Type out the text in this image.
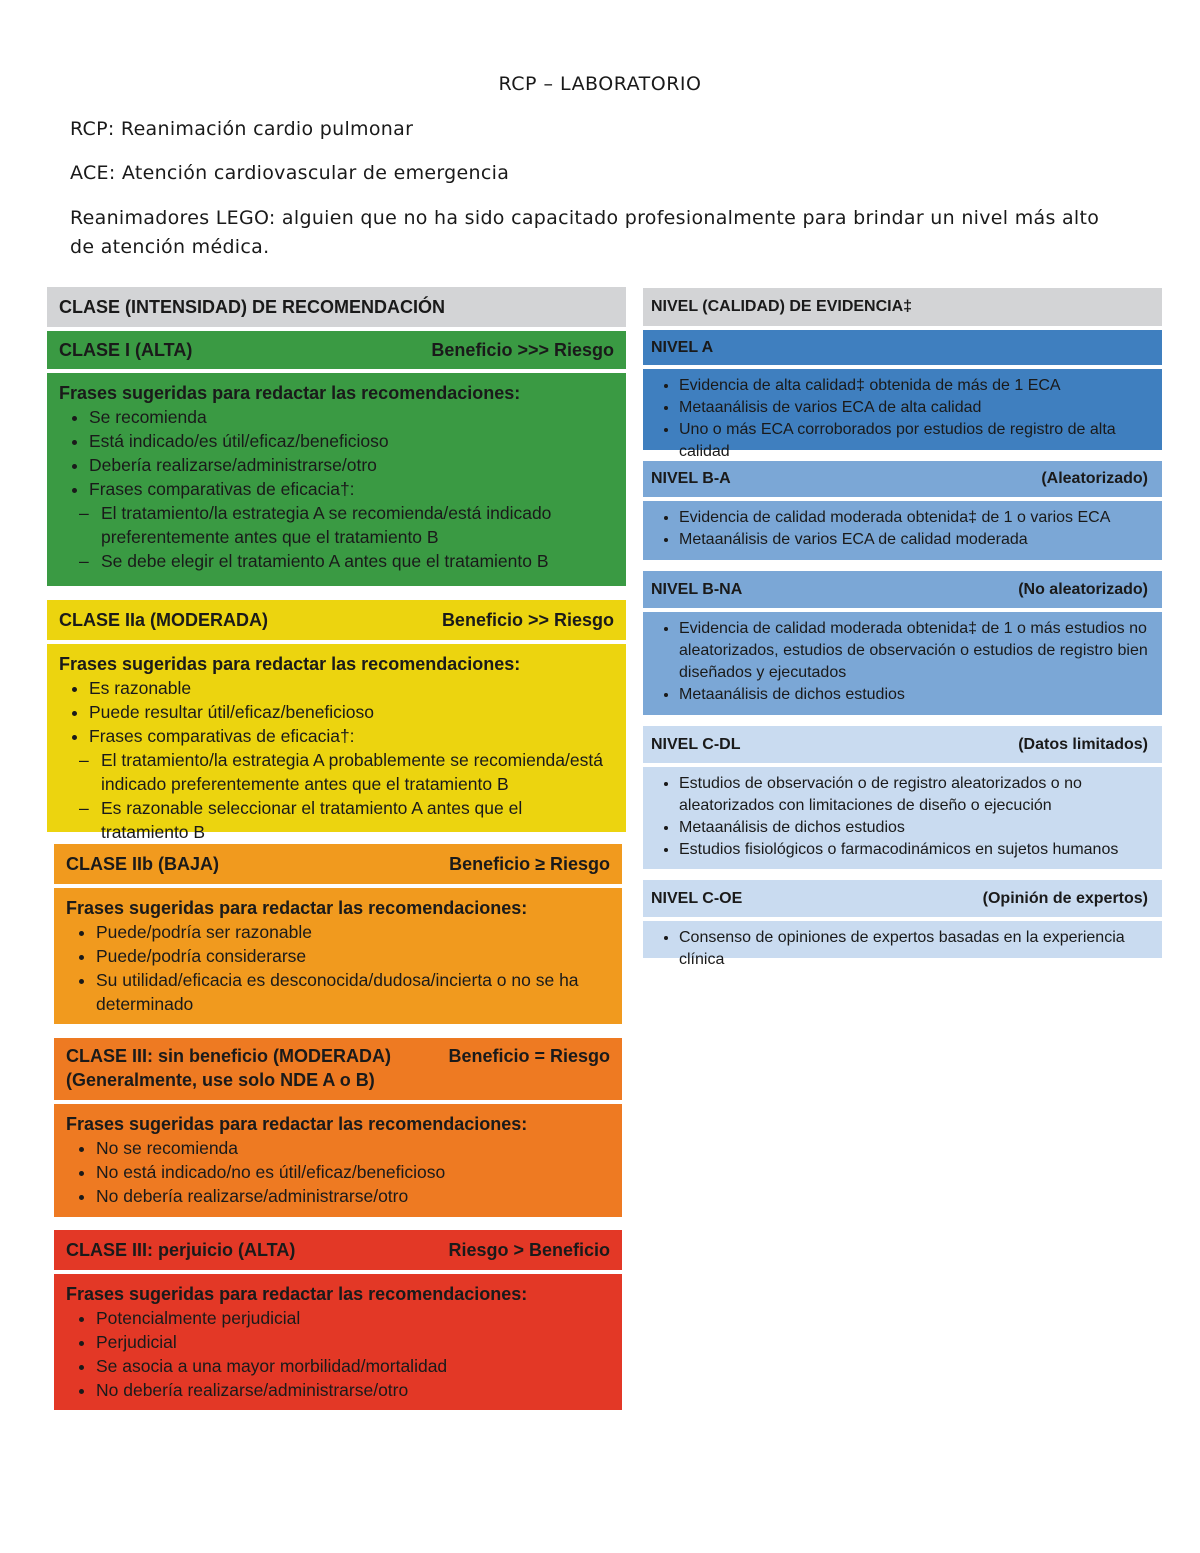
RCP – LABORATORIO
RCP: Reanimación cardio pulmonar
ACE: Atención cardiovascular de emergencia
Reanimadores LEGO: alguien que no ha sido capacitado profesionalmente para brindar un nivel más alto de atención médica.
CLASE (INTENSIDAD) DE RECOMENDACIÓN
CLASE I (ALTA)	Beneficio >>> Riesgo
Frases sugeridas para redactar las recomendaciones:
• Se recomienda
• Está indicado/es útil/eficaz/beneficioso
• Debería realizarse/administrarse/otro
• Frases comparativas de eficacia†:
– El tratamiento/la estrategia A se recomienda/está indicado preferentemente antes que el tratamiento B
– Se debe elegir el tratamiento A antes que el tratamiento B
CLASE IIa (MODERADA)	Beneficio >> Riesgo
Frases sugeridas para redactar las recomendaciones:
• Es razonable
• Puede resultar útil/eficaz/beneficioso
• Frases comparativas de eficacia†:
– El tratamiento/la estrategia A probablemente se recomienda/está indicado preferentemente antes que el tratamiento B
– Es razonable seleccionar el tratamiento A antes que el tratamiento B
CLASE IIb (BAJA)	Beneficio ≥ Riesgo
Frases sugeridas para redactar las recomendaciones:
• Puede/podría ser razonable
• Puede/podría considerarse
• Su utilidad/eficacia es desconocida/dudosa/incierta o no se ha determinado
CLASE III: sin beneficio (MODERADA)	Beneficio = Riesgo
(Generalmente, use solo NDE A o B)
Frases sugeridas para redactar las recomendaciones:
• No se recomienda
• No está indicado/no es útil/eficaz/beneficioso
• No debería realizarse/administrarse/otro
CLASE III: perjuicio (ALTA)	Riesgo > Beneficio
Frases sugeridas para redactar las recomendaciones:
• Potencialmente perjudicial
• Perjudicial
• Se asocia a una mayor morbilidad/mortalidad
• No debería realizarse/administrarse/otro
NIVEL (CALIDAD) DE EVIDENCIA‡
NIVEL A
• Evidencia de alta calidad‡ obtenida de más de 1 ECA
• Metaanálisis de varios ECA de alta calidad
• Uno o más ECA corroborados por estudios de registro de alta calidad
NIVEL B-A	(Aleatorizado)
• Evidencia de calidad moderada obtenida‡ de 1 o varios ECA
• Metaanálisis de varios ECA de calidad moderada
NIVEL B-NA	(No aleatorizado)
• Evidencia de calidad moderada obtenida‡ de 1 o más estudios no aleatorizados, estudios de observación o estudios de registro bien diseñados y ejecutados
• Metaanálisis de dichos estudios
NIVEL C-DL	(Datos limitados)
• Estudios de observación o de registro aleatorizados o no aleatorizados con limitaciones de diseño o ejecución
• Metaanálisis de dichos estudios
• Estudios fisiológicos o farmacodinámicos en sujetos humanos
NIVEL C-OE	(Opinión de expertos)
• Consenso de opiniones de expertos basadas en la experiencia clínica
